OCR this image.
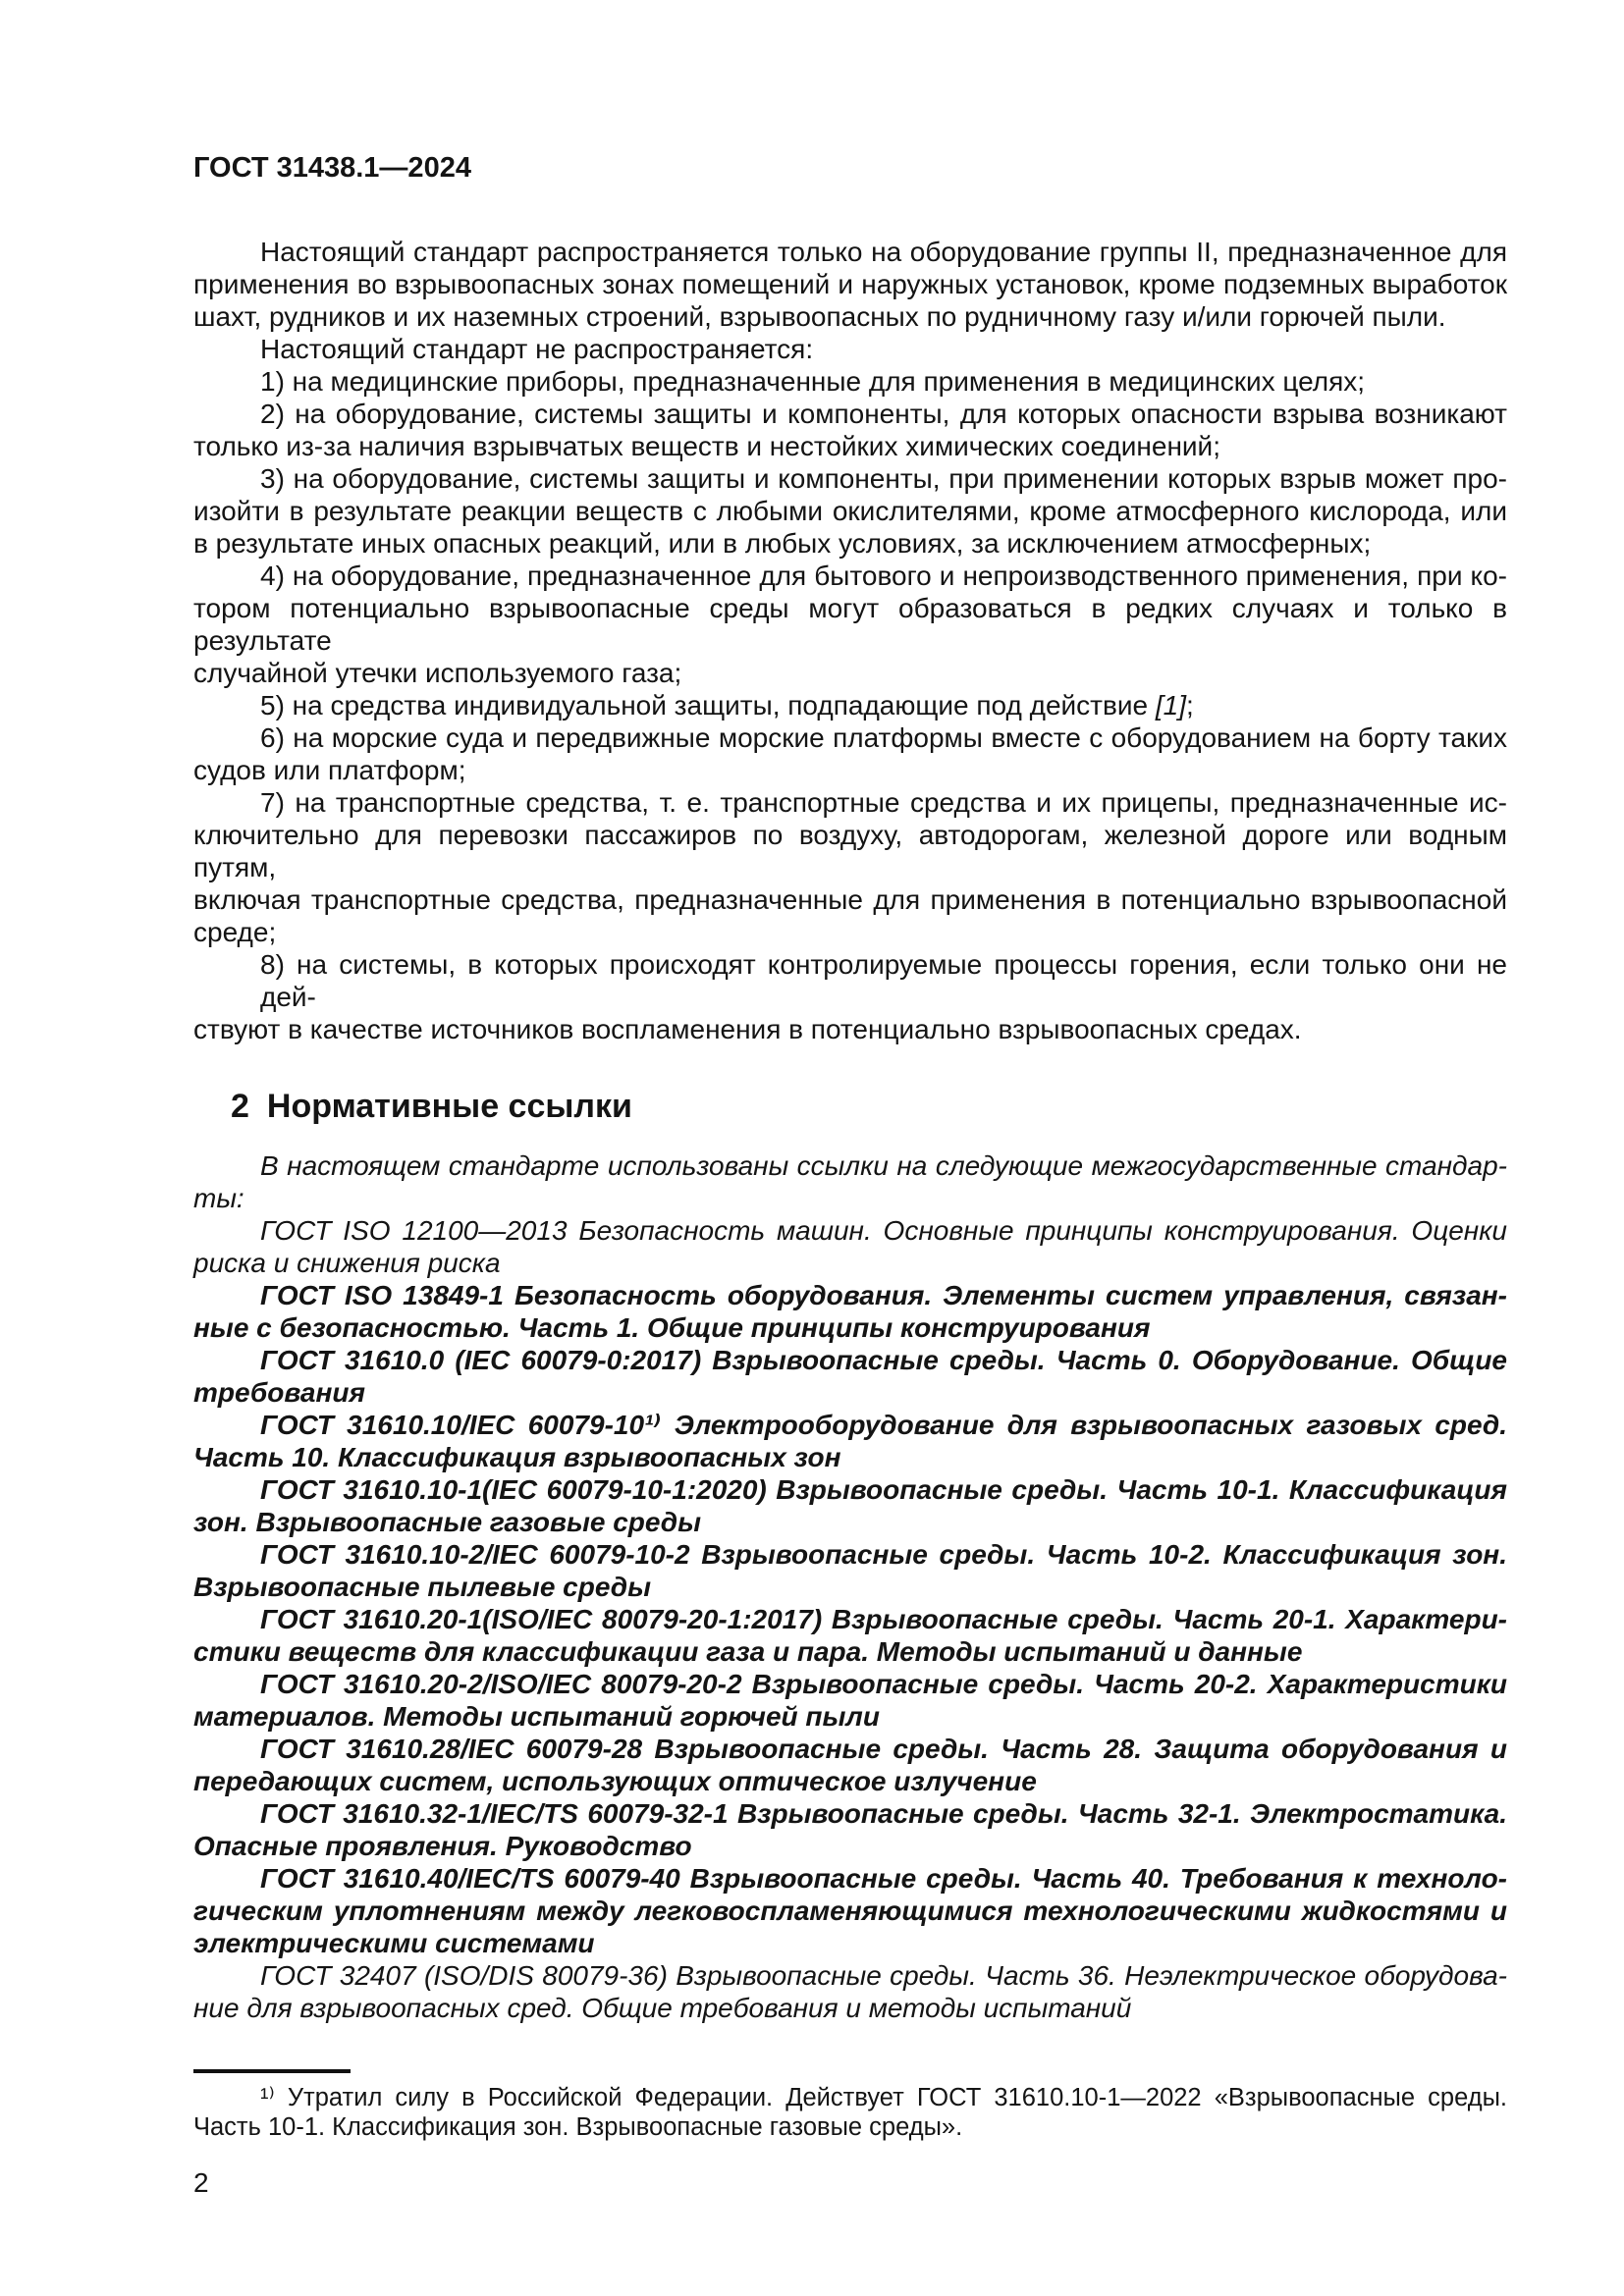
ГОСТ 31438.1—2024
Настоящий стандарт распространяется только на оборудование группы II, предназначенное для
применения во взрывоопасных зонах помещений и наружных установок, кроме подземных выработок
шахт, рудников и их наземных строений, взрывоопасных по рудничному газу и/или горючей пыли.
Настоящий стандарт не распространяется:
1) на медицинские приборы, предназначенные для применения в медицинских целях;
2) на оборудование, системы защиты и компоненты, для которых опасности взрыва возникают
только из-за наличия взрывчатых веществ и нестойких химических соединений;
3) на оборудование, системы защиты и компоненты, при применении которых взрыв может про-
изойти в результате реакции веществ с любыми окислителями, кроме атмосферного кислорода, или
в результате иных опасных реакций, или в любых условиях, за исключением атмосферных;
4) на оборудование, предназначенное для бытового и непроизводственного применения, при ко-
тором потенциально взрывоопасные среды могут образоваться в редких случаях и только в результате
случайной утечки используемого газа;
5) на средства индивидуальной защиты, подпадающие под действие [1];
6) на морские суда и передвижные морские платформы вместе с оборудованием на борту таких
судов или платформ;
7) на транспортные средства, т. е. транспортные средства и их прицепы, предназначенные ис-
ключительно для перевозки пассажиров по воздуху, автодорогам, железной дороге или водным путям,
включая транспортные средства, предназначенные для применения в потенциально взрывоопасной
среде;
8) на системы, в которых происходят контролируемые процессы горения, если только они не дей-
ствуют в качестве источников воспламенения в потенциально взрывоопасных средах.
2 Нормативные ссылки
В настоящем стандарте использованы ссылки на следующие межгосударственные стандар-
ты:
ГОСТ ISO 12100—2013 Безопасность машин. Основные принципы конструирования. Оценки
риска и снижения риска
ГОСТ ISO 13849-1 Безопасность оборудования. Элементы систем управления, связан-
ные с безопасностью. Часть 1. Общие принципы конструирования
ГОСТ 31610.0 (IEC 60079-0:2017) Взрывоопасные среды. Часть 0. Оборудование. Общие
требования
ГОСТ 31610.10/IEC 60079-10¹⁾ Электрооборудование для взрывоопасных газовых сред.
Часть 10. Классификация взрывоопасных зон
ГОСТ 31610.10-1(IEC 60079-10-1:2020) Взрывоопасные среды. Часть 10-1. Классификация
зон. Взрывоопасные газовые среды
ГОСТ 31610.10-2/IEC 60079-10-2 Взрывоопасные среды. Часть 10-2. Классификация зон.
Взрывоопасные пылевые среды
ГОСТ 31610.20-1(ISO/IEC 80079-20-1:2017) Взрывоопасные среды. Часть 20-1. Характери-
стики веществ для классификации газа и пара. Методы испытаний и данные
ГОСТ 31610.20-2/ISO/IEC 80079-20-2 Взрывоопасные среды. Часть 20-2. Характеристики
материалов. Методы испытаний горючей пыли
ГОСТ 31610.28/IEC 60079-28 Взрывоопасные среды. Часть 28. Защита оборудования и
передающих систем, использующих оптическое излучение
ГОСТ 31610.32-1/IEC/TS 60079-32-1 Взрывоопасные среды. Часть 32-1. Электростатика.
Опасные проявления. Руководство
ГОСТ 31610.40/IEC/TS 60079-40 Взрывоопасные среды. Часть 40. Требования к техноло-
гическим уплотнениям между легковоспламеняющимися технологическими жидкостями и
электрическими системами
ГОСТ 32407 (ISO/DIS 80079-36) Взрывоопасные среды. Часть 36. Неэлектрическое оборудова-
ние для взрывоопасных сред. Общие требования и методы испытаний
¹⁾ Утратил силу в Российской Федерации. Действует ГОСТ 31610.10-1—2022 «Взрывоопасные среды.
Часть 10-1. Классификация зон. Взрывоопасные газовые среды».
2
